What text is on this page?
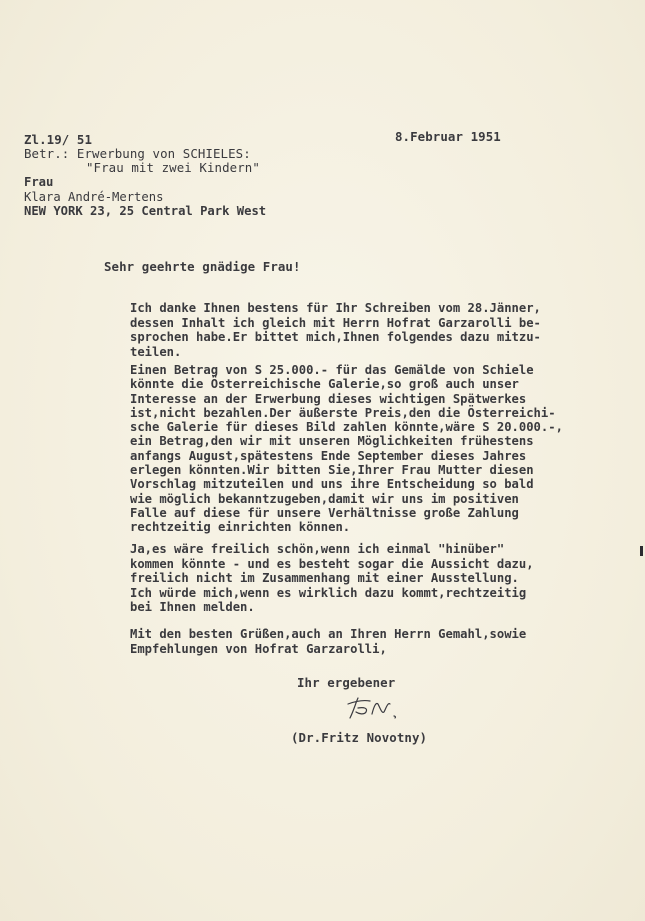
Zl.19/ 51	8.Februar 1951
Betr.: Erwerbung von SCHIELES:
"Frau mit zwei Kindern"
Frau
Klara André-Mertens
NEW YORK 23, 25 Central Park West
Sehr geehrte gnädige Frau!
Ich danke Ihnen bestens für Ihr Schreiben vom 28.Jänner,
dessen Inhalt ich gleich mit Herrn Hofrat Garzarolli be-
sprochen habe.Er bittet mich,Ihnen folgendes dazu mitzu-
teilen.
Einen Betrag von S 25.000.- für das Gemälde von Schiele
könnte die Österreichische Galerie,so groß auch unser
Interesse an der Erwerbung dieses wichtigen Spätwerkes
ist,nicht bezahlen.Der äußerste Preis,den die Österreichi-
sche Galerie für dieses Bild zahlen könnte,wäre S 20.000.-,
ein Betrag,den wir mit unseren Möglichkeiten frühestens
anfangs August,spätestens Ende September dieses Jahres
erlegen könnten.Wir bitten Sie,Ihrer Frau Mutter diesen
Vorschlag mitzuteilen und uns ihre Entscheidung so bald
wie möglich bekanntzugeben,damit wir uns im positiven
Falle auf diese für unsere Verhältnisse große Zahlung
rechtzeitig einrichten können.
Ja,es wäre freilich schön,wenn ich einmal "hinüber"
kommen könnte - und es besteht sogar die Aussicht dazu,
freilich nicht im Zusammenhang mit einer Ausstellung.
Ich würde mich,wenn es wirklich dazu kommt,rechtzeitig
bei Ihnen melden.
Mit den besten Grüßen,auch an Ihren Herrn Gemahl,sowie
Empfehlungen von Hofrat Garzarolli,
Ihr ergebener
(Dr.Fritz Novotny)
